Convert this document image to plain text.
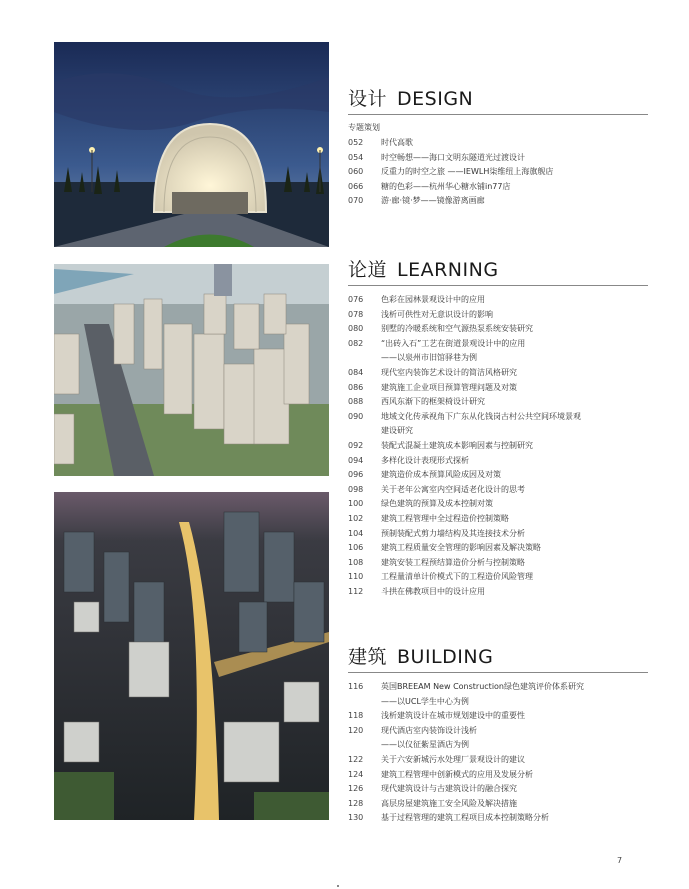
设计 DESIGN
专题策划
052	时代高歌
054	时空畅想——海口文明东隧道光过渡设计
060	反重力的时空之旅 ——IEWLH柒维纽上海旗舰店
066	糖的色彩——杭州华心糖水铺in77店
070	游·廊·镜·梦——镜像游离画廊
论道 LEARNING
076	色彩在园林景观设计中的应用
078	浅析可供性对无意识设计的影响
080	别墅的冷暖系统和空气源热泵系统安装研究
082	“出砖入石”工艺在街道景观设计中的应用
——以泉州市旧馆驿巷为例
084	现代室内装饰艺术设计的简洁风格研究
086	建筑施工企业项目预算管理问题及对策
088	西风东渐下的框架椅设计研究
090	地域文化传承视角下广东从化钱岗古村公共空间环境景观
建设研究
092	装配式混凝土建筑成本影响因素与控制研究
094	多样化设计表现形式探析
096	建筑造价成本预算风险成因及对策
098	关于老年公寓室内空间适老化设计的思考
100	绿色建筑的预算及成本控制对策
102	建筑工程管理中全过程造价控制策略
104	预制装配式剪力墙结构及其连接技术分析
106	建筑工程质量安全管理的影响因素及解决策略
108	建筑安装工程预结算造价分析与控制策略
110	工程量清单计价模式下的工程造价风险管理
112	斗拱在佛教项目中的设计应用
建筑 BUILDING
116	英国BREEAM New Construction绿色建筑评价体系研究
——以UCL学生中心为例
118	浅析建筑设计在城市规划建设中的重要性
120	现代酒店室内装饰设计浅析
——以仪征紫星酒店为例
122	关于六安新城污水处理厂景观设计的建议
124	建筑工程管理中创新模式的应用及发展分析
126	现代建筑设计与古建筑设计的融合探究
128	高层房屋建筑施工安全风险及解决措施
130	基于过程管理的建筑工程项目成本控制策略分析
7
